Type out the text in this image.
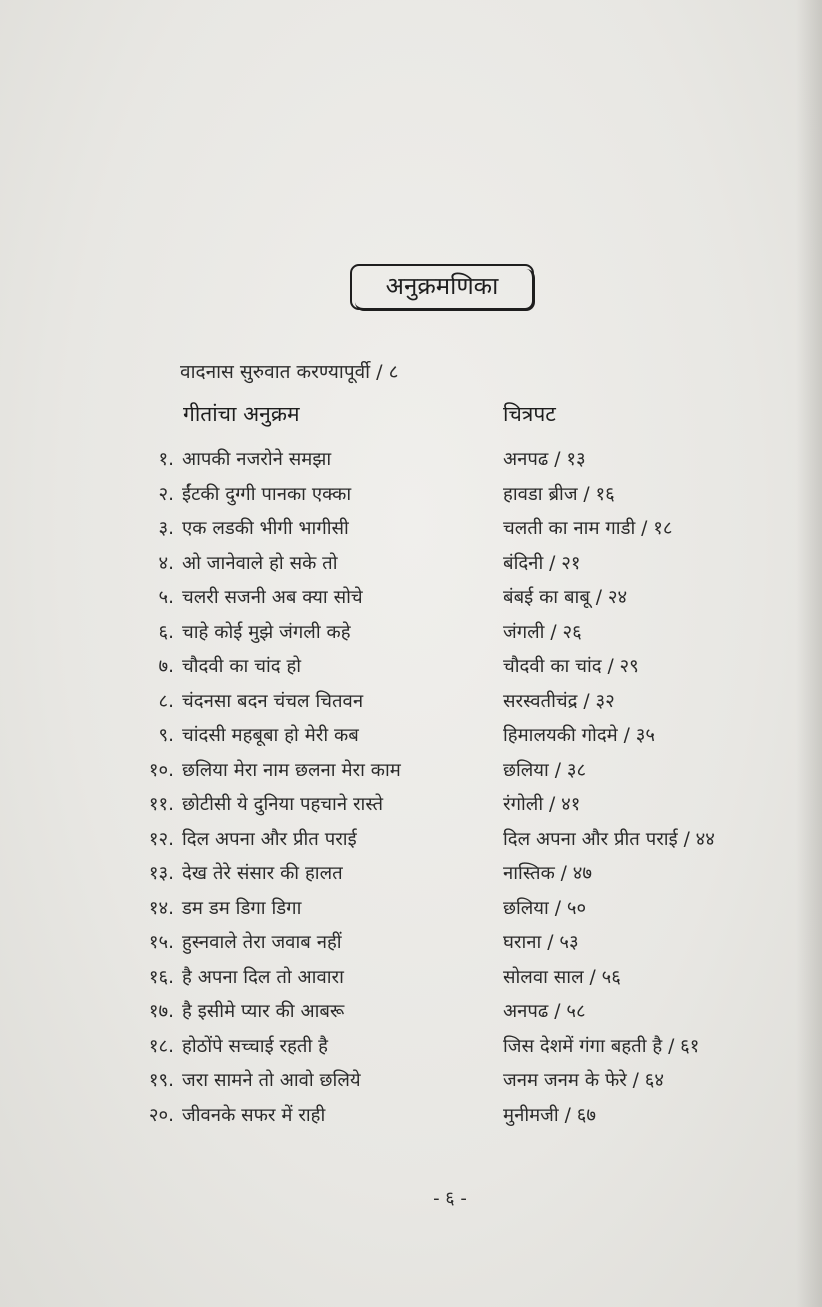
अनुक्रमणिका
वादनास सुरुवात करण्यापूर्वी / ८
गीतांचा अनुक्रम	चित्रपट
१. आपकी नजरोने समझा	अनपढ / १३
२. ईंटकी दुग्गी पानका एक्का	हावडा ब्रीज / १६
३. एक लडकी भीगी भागीसी	चलती का नाम गाडी / १८
४. ओ जानेवाले हो सके तो	बंदिनी / २१
५. चलरी सजनी अब क्या सोचे	बंबई का बाबू / २४
६. चाहे कोई मुझे जंगली कहे	जंगली / २६
७. चौदवी का चांद हो	चौदवी का चांद / २९
८. चंदनसा बदन चंचल चितवन	सरस्वतीचंद्र / ३२
९. चांदसी महबूबा हो मेरी कब	हिमालयकी गोदमे / ३५
१०. छलिया मेरा नाम छलना मेरा काम	छलिया / ३८
११. छोटीसी ये दुनिया पहचाने रास्ते	रंगोली / ४१
१२. दिल अपना और प्रीत पराई	दिल अपना और प्रीत पराई / ४४
१३. देख तेरे संसार की हालत	नास्तिक / ४७
१४. डम डम डिगा डिगा	छलिया / ५०
१५. हुस्नवाले तेरा जवाब नहीं	घराना / ५३
१६. है अपना दिल तो आवारा	सोलवा साल / ५६
१७. है इसीमे प्यार की आबरू	अनपढ / ५८
१८. होठोंपे सच्चाई रहती है	जिस देशमें गंगा बहती है / ६१
१९. जरा सामने तो आवो छलिये	जनम जनम के फेरे / ६४
२०. जीवनके सफर में राही	मुनीमजी / ६७
- ६ -
